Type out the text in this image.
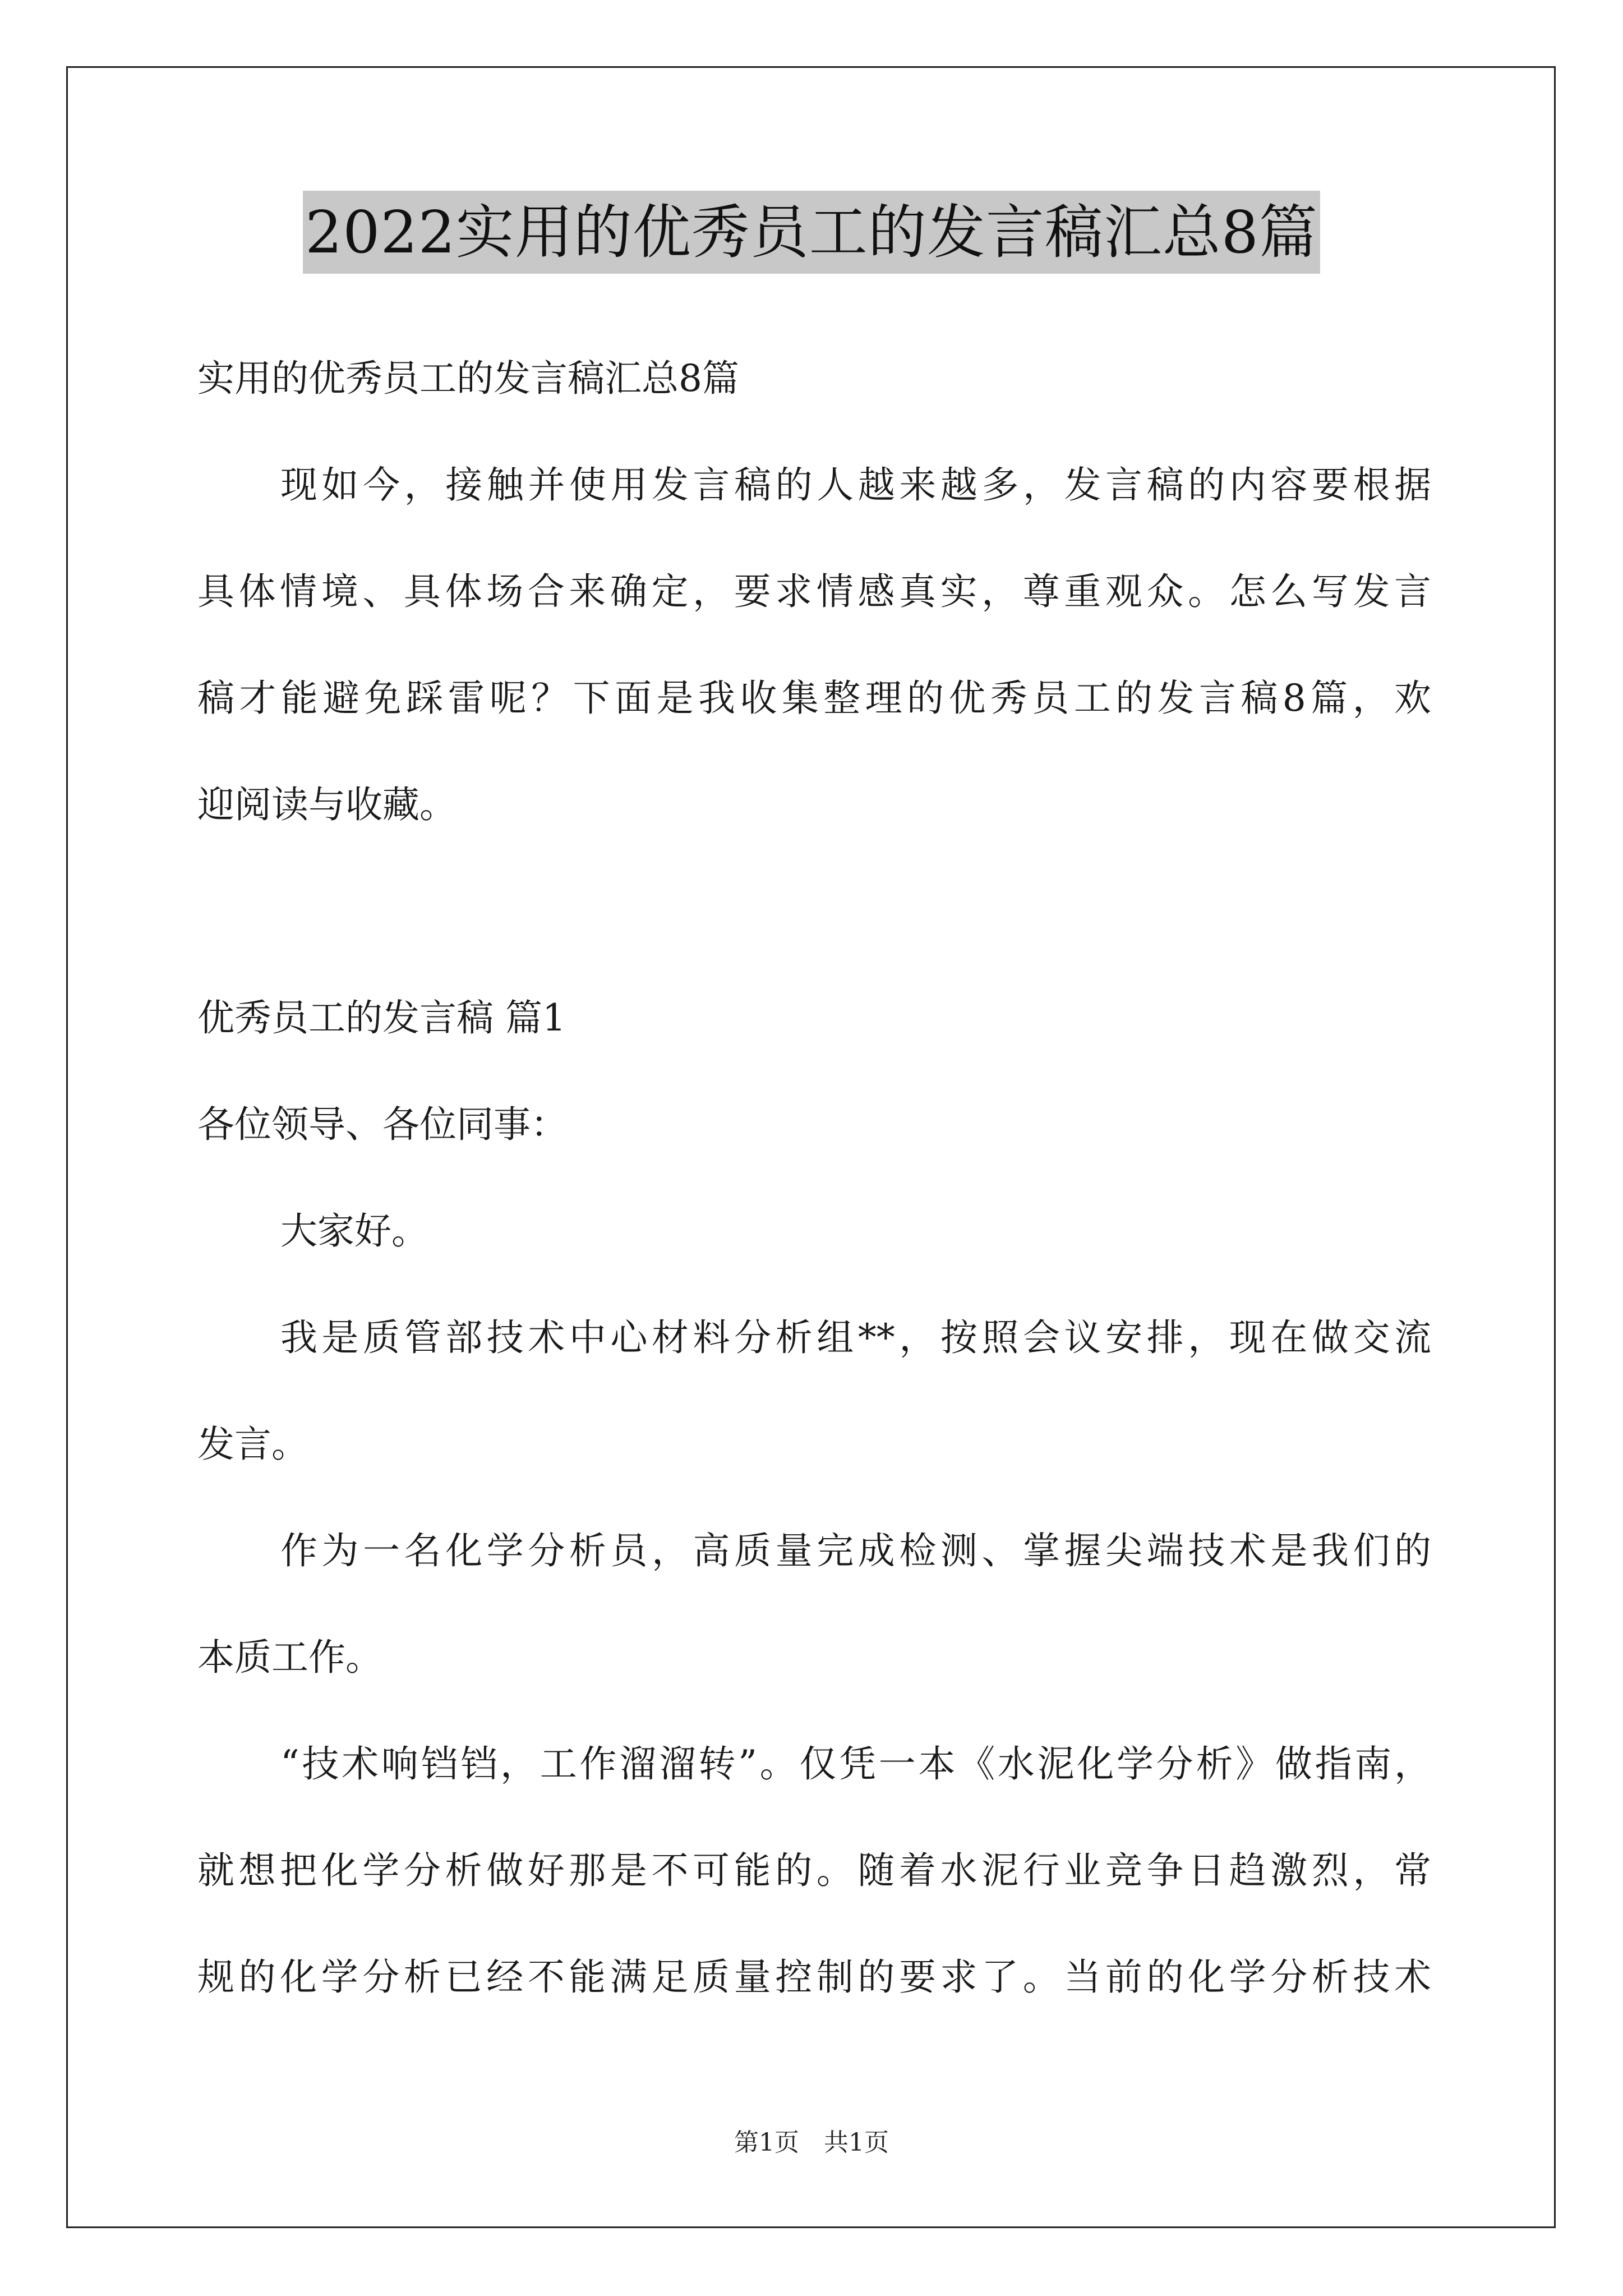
2022实用的优秀员工的发言稿汇总8篇
实用的优秀员工的发言稿汇总8篇
现如今，接触并使用发言稿的人越来越多，发言稿的内容要根据
具体情境、具体场合来确定，要求情感真实，尊重观众。怎么写发言
稿才能避免踩雷呢？下面是我收集整理的优秀员工的发言稿8篇，欢
迎阅读与收藏。
优秀员工的发言稿 篇1
各位领导、各位同事：
大家好。
我是质管部技术中心材料分析组**，按照会议安排，现在做交流
发言。
作为一名化学分析员，高质量完成检测、掌握尖端技术是我们的
本质工作。
“技术响铛铛，工作溜溜转”。仅凭一本《水泥化学分析》做指南，
就想把化学分析做好那是不可能的。随着水泥行业竞争日趋激烈，常
规的化学分析已经不能满足质量控制的要求了。当前的化学分析技术
第1页　共1页
